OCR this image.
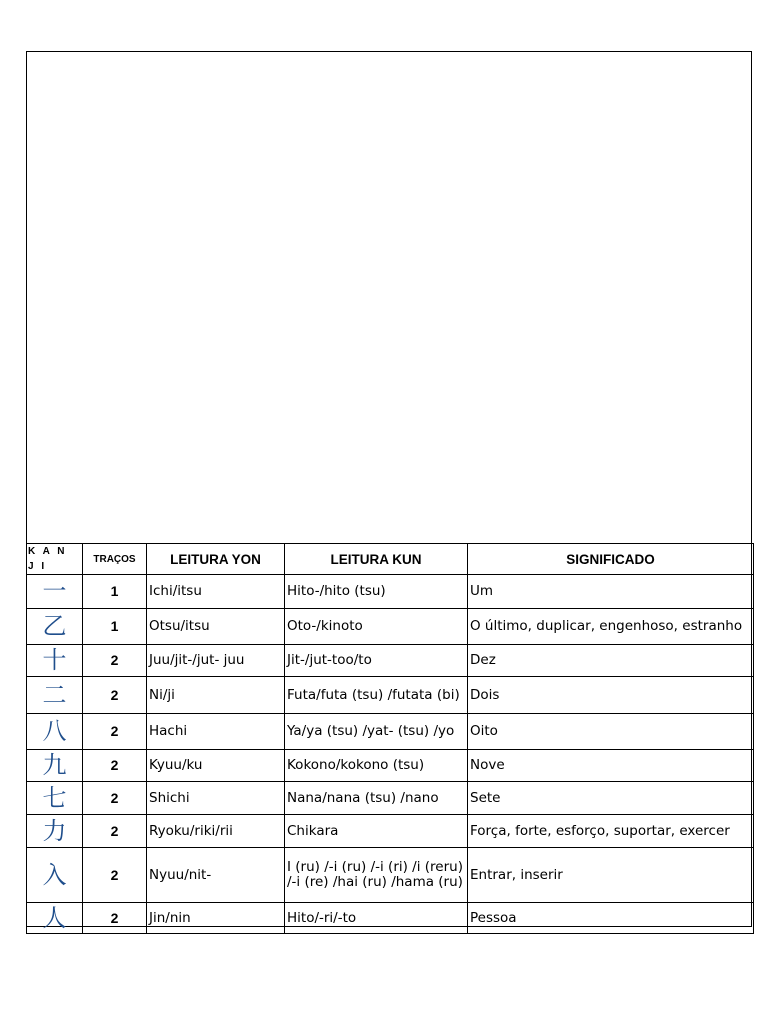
K A N J I	TRAÇOS	LEITURA YON	LEITURA KUN	SIGNIFICADO
一	1	Ichi/itsu	Hito-/hito (tsu)	Um
乙	1	Otsu/itsu	Oto-/kinoto	O último, duplicar, engenhoso, estranho
十	2	Juu/jit-/jut- juu	Jit-/jut-too/to	Dez
二	2	Ni/ji	Futa/futa (tsu) /futata (bi)	Dois
八	2	Hachi	Ya/ya (tsu) /yat- (tsu) /yo	Oito
九	2	Kyuu/ku	Kokono/kokono (tsu)	Nove
七	2	Shichi	Nana/nana (tsu) /nano	Sete
力	2	Ryoku/riki/rii	Chikara	Força, forte, esforço, suportar, exercer
入	2	Nyuu/nit-	I (ru) /-i (ru) /-i (ri) /i (reru) /-i (re) /hai (ru) /hama (ru)	Entrar, inserir
人	2	Jin/nin	Hito/-ri/-to	Pessoa
